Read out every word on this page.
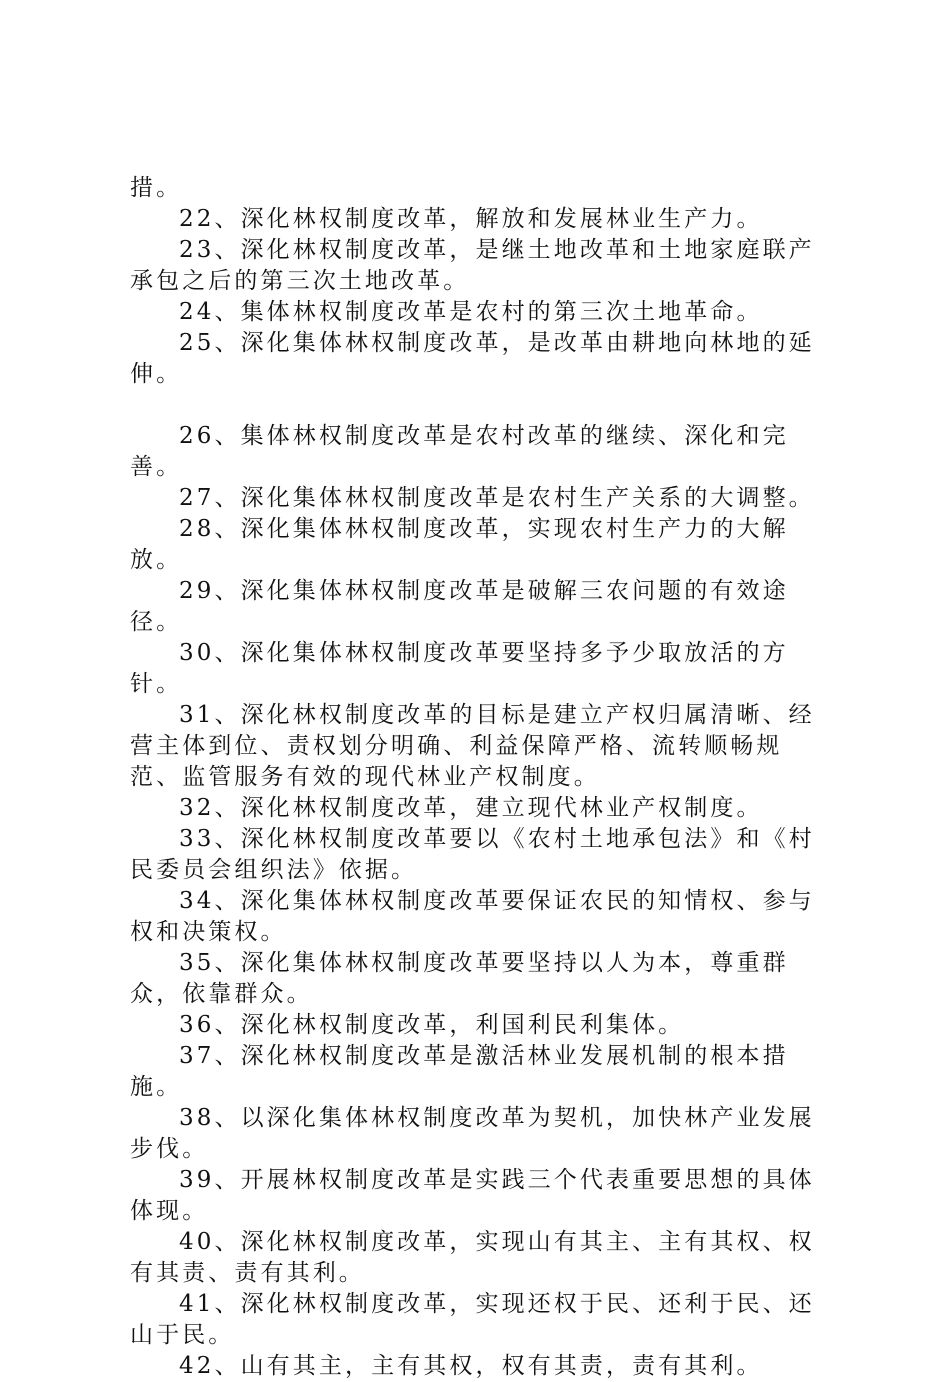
措。

22、深化林权制度改革，解放和发展林业生产力。

23、深化林权制度改革，是继土地改革和土地家庭联产承包之后的第三次土地改革。

24、集体林权制度改革是农村的第三次土地革命。

25、深化集体林权制度改革，是改革由耕地向林地的延伸。

26、集体林权制度改革是农村改革的继续、深化和完善。

27、深化集体林权制度改革是农村生产关系的大调整。

28、深化集体林权制度改革，实现农村生产力的大解放。

29、深化集体林权制度改革是破解三农问题的有效途径。

30、深化集体林权制度改革要坚持多予少取放活的方针。

31、深化林权制度改革的目标是建立产权归属清晰、经营主体到位、责权划分明确、利益保障严格、流转顺畅规范、监管服务有效的现代林业产权制度。

32、深化林权制度改革，建立现代林业产权制度。

33、深化林权制度改革要以《农村土地承包法》和《村民委员会组织法》依据。

34、深化集体林权制度改革要保证农民的知情权、参与权和决策权。

35、深化集体林权制度改革要坚持以人为本，尊重群众，依靠群众。

36、深化林权制度改革，利国利民利集体。

37、深化林权制度改革是激活林业发展机制的根本措施。

38、以深化集体林权制度改革为契机，加快林产业发展步伐。

39、开展林权制度改革是实践三个代表重要思想的具体体现。

40、深化林权制度改革，实现山有其主、主有其权、权有其责、责有其利。

41、深化林权制度改革，实现还权于民、还利于民、还山于民。

42、山有其主，主有其权，权有其责，责有其利。
